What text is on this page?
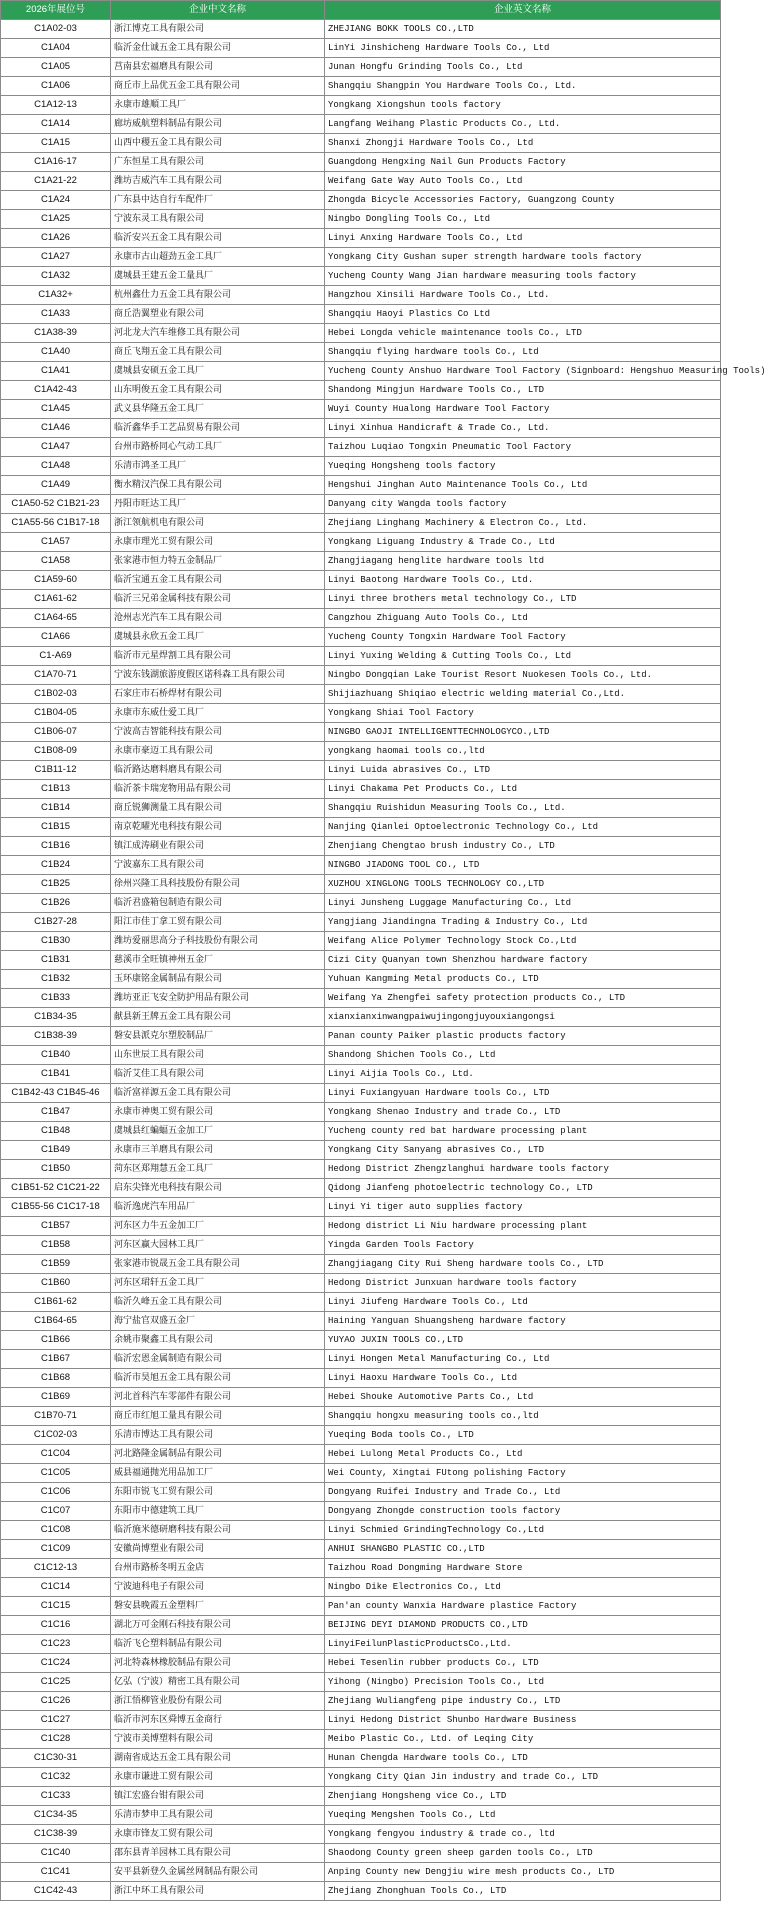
2026年展位号	企业中文名称	企业英文名称
C1A02-03	浙江博克工具有限公司	ZHEJIANG BOKK TOOLS CO.,LTD
C1A04	临沂金仕诚五金工具有限公司	LinYi Jinshicheng Hardware Tools Co., Ltd
C1A05	莒南县宏福磨具有限公司	Junan Hongfu Grinding Tools Co., Ltd
C1A06	商丘市上品优五金工具有限公司	Shangqiu Shangpin You Hardware Tools Co., Ltd.
C1A12-13	永康市雄順工具厂	Yongkang Xiongshun tools factory
C1A14	廊坊威航塑料制品有限公司	Langfang Weihang Plastic Products Co., Ltd.
C1A15	山西中稷五金工具有限公司	Shanxi Zhongji Hardware Tools Co., Ltd
C1A16-17	广东恒星工具有限公司	Guangdong Hengxing Nail Gun Products Factory
C1A21-22	潍坊吉威汽车工具有限公司	Weifang Gate Way Auto Tools Co., Ltd
C1A24	广东县中达自行车配件厂	Zhongda Bicycle Accessories Factory, Guangzong County
C1A25	宁波东灵工具有限公司	Ningbo Dongling Tools Co., Ltd
C1A26	临沂安兴五金工具有限公司	Linyi Anxing Hardware Tools Co., Ltd
C1A27	永康市古山超劲五金工具厂	Yongkang City Gushan super strength hardware tools factory
C1A32	虞城县王建五金工量具厂	Yucheng County Wang Jian hardware measuring tools factory
C1A32+	杭州鑫仕力五金工具有限公司	Hangzhou Xinsili Hardware Tools Co., Ltd.
C1A33	商丘浩翼塑业有限公司	Shangqiu Haoyi Plastics Co Ltd
C1A38-39	河北龙大汽车维修工具有限公司	Hebei Longda vehicle maintenance tools Co., LTD
C1A40	商丘飞翔五金工具有限公司	Shangqiu flying hardware tools Co., Ltd
C1A41	虞城县安硕五金工具厂	Yucheng County Anshuo Hardware Tool Factory (Signboard: Hengshuo Measuring Tools)
C1A42-43	山东明俊五金工具有限公司	Shandong Mingjun Hardware Tools Co., LTD
C1A45	武义县华隆五金工具厂	Wuyi County Hualong Hardware Tool Factory
C1A46	临沂鑫华手工艺品贸易有限公司	Linyi Xinhua Handicraft & Trade Co., Ltd.
C1A47	台州市路桥同心气动工具厂	Taizhou Luqiao Tongxin Pneumatic Tool Factory
C1A48	乐清市鸿圣工具厂	Yueqing Hongsheng tools factory
C1A49	衡水精汉汽保工具有限公司	Hengshui Jinghan Auto Maintenance Tools Co., Ltd
C1A50-52 C1B21-23	丹阳市旺达工具厂	Danyang city Wangda tools factory
C1A55-56 C1B17-18	浙江领航机电有限公司	Zhejiang Linghang Machinery & Electron Co., Ltd.
C1A57	永康市理光工贸有限公司	Yongkang Liguang Industry & Trade Co., Ltd
C1A58	张家港市恒力特五金制品厂	Zhangjiagang henglite hardware tools ltd
C1A59-60	临沂宝通五金工具有限公司	Linyi Baotong Hardware Tools Co., Ltd.
C1A61-62	临沂三兄弟金属科技有限公司	Linyi three brothers metal technology Co., LTD
C1A64-65	沧州志光汽车工具有限公司	Cangzhou Zhiguang Auto Tools Co., Ltd
C1A66	虞城县永欣五金工具厂	Yucheng County Tongxin Hardware Tool Factory
C1-A69	临沂市元星焊割工具有限公司	Linyi Yuxing Welding & Cutting Tools Co., Ltd
C1A70-71	宁波东钱湖旅游度假区诺科森工具有限公司	Ningbo Dongqian Lake Tourist Resort Nuokesen Tools Co., Ltd.
C1B02-03	石家庄市石桥焊材有限公司	Shijiazhuang Shiqiao electric welding material Co.,Ltd.
C1B04-05	永康市东威仕爱工具厂	Yongkang Shiai Tool Factory
C1B06-07	宁波高吉智能科技有限公司	NINGBO GAOJI INTELLIGENTTECHNOLOGYCO.,LTD
C1B08-09	永康市豪迈工具有限公司	yongkang haomai tools co.,ltd
C1B11-12	临沂路达磨料磨具有限公司	Linyi Luida abrasives Co., LTD
C1B13	临沂茶卡瑞宠物用品有限公司	Linyi Chakama Pet Products Co., Ltd
C1B14	商丘锐狮测量工具有限公司	Shangqiu Ruishidun Measuring Tools Co., Ltd.
C1B15	南京乾曜光电科技有限公司	Nanjing Qianlei Optoelectronic Technology Co., Ltd
C1B16	镇江成涛刷业有限公司	Zhenjiang Chengtao brush industry Co., LTD
C1B24	宁波嘉东工具有限公司	NINGBO JIADONG TOOL CO., LTD
C1B25	徐州兴隆工具科技股份有限公司	XUZHOU XINGLONG TOOLS TECHNOLOGY CO.,LTD
C1B26	临沂君盛箱包制造有限公司	Linyi Junsheng Luggage Manufacturing Co., Ltd
C1B27-28	阳江市佳丁拿工贸有限公司	Yangjiang Jiandingna Trading & Industry Co., Ltd
C1B30	潍坊爱丽思高分子科技股份有限公司	Weifang Alice Polymer Technology Stock Co.,Ltd
C1B31	慈溪市全旺镇神州五金厂	Cizi City Quanyan town Shenzhou hardware factory
C1B32	玉环康铭金属制品有限公司	Yuhuan Kangming Metal products Co., LTD
C1B33	潍坊亚正飞安全防护用品有限公司	Weifang Ya Zhengfei safety protection products Co., LTD
C1B34-35	献县新王牌五金工具有限公司	xianxianxinwangpaiwujingongjuyouxiangongsi
C1B38-39	磐安县派克尔塑胶制品厂	Panan county Paiker plastic products factory
C1B40	山东世辰工具有限公司	Shandong Shichen Tools Co., Ltd
C1B41	临沂艾佳工具有限公司	Linyi Aijia Tools Co., Ltd.
C1B42-43 C1B45-46	临沂富祥源五金工具有限公司	Linyi Fuxiangyuan Hardware tools Co., LTD
C1B47	永康市神奥工贸有限公司	Yongkang Shenao Industry and trade Co., LTD
C1B48	虞城县红蝙蝠五金加工厂	Yucheng county red bat hardware processing plant
C1B49	永康市三羊磨具有限公司	Yongkang City Sanyang abrasives Co., LTD
C1B50	菏东区郑翔慧五金工具厂	Hedong District Zhengzlanghui hardware tools factory
C1B51-52 C1C21-22	启东尖锋光电科技有限公司	Qidong Jianfeng photoelectric technology Co., LTD
C1B55-56 C1C17-18	临沂逸虎汽车用品厂	Linyi Yi tiger auto supplies factory
C1B57	河东区力牛五金加工厂	Hedong district Li Niu hardware processing plant
C1B58	河东区赢大园林工具厂	Yingda Garden Tools Factory
C1B59	张家港市锐晟五金工具有限公司	Zhangjiagang City Rui Sheng hardware tools Co., LTD
C1B60	河东区珺轩五金工具厂	Hedong District Junxuan hardware tools factory
C1B61-62	临沂久峰五金工具有限公司	Linyi Jiufeng Hardware Tools Co., Ltd
C1B64-65	海宁盐官双盛五金厂	Haining Yanguan Shuangsheng hardware factory
C1B66	余姚市聚鑫工具有限公司	YUYAO JUXIN TOOLS CO.,LTD
C1B67	临沂宏恩金属制造有限公司	Linyi Hongen Metal Manufacturing Co., Ltd
C1B68	临沂市昊旭五金工具有限公司	Linyi Haoxu Hardware Tools Co., Ltd
C1B69	河北首科汽车零部件有限公司	Hebei Shouke Automotive Parts Co., Ltd
C1B70-71	商丘市红旭工量具有限公司	Shangqiu hongxu measuring tools co.,ltd
C1C02-03	乐清市博达工具有限公司	Yueqing Boda tools Co., LTD
C1C04	河北路隆金属制品有限公司	Hebei Lulong Metal Products Co., Ltd
C1C05	威县福通抛光用品加工厂	Wei County, Xingtai FUtong polishing Factory
C1C06	东阳市锐飞工贸有限公司	Dongyang Ruifei Industry and Trade Co., Ltd
C1C07	东阳市中德建筑工具厂	Dongyang Zhongde construction tools factory
C1C08	临沂施米德研磨科技有限公司	Linyi Schmied GrindingTechnology Co.,Ltd
C1C09	安徽尚博塑业有限公司	ANHUI SHANGBO PLASTIC CO.,LTD
C1C12-13	台州市路桥冬明五金店	Taizhou Road Dongming Hardware Store
C1C14	宁波迪科电子有限公司	Ningbo Dike Electronics Co., Ltd
C1C15	磐安县晚霞五金塑料厂	Pan'an county Wanxia Hardware plastice Factory
C1C16	湖北万可金刚石科技有限公司	BEIJING DEYI DIAMOND PRODUCTS CO.,LTD
C1C23	临沂飞仑塑料制品有限公司	LinyiFeilunPlasticProductsCo.,Ltd.
C1C24	河北特森林橡胶制品有限公司	Hebei Tesenlin rubber products Co., LTD
C1C25	亿弘（宁波）精密工具有限公司	Yihong (Ningbo) Precision Tools Co., Ltd
C1C26	浙江悟柳管业股份有限公司	Zhejiang Wuliangfeng pipe industry Co., LTD
C1C27	临沂市河东区舜博五金商行	Linyi Hedong District Shunbo Hardware Business
C1C28	宁波市美博塑料有限公司	Meibo Plastic Co., Ltd. of Leqing City
C1C30-31	湖南省成达五金工具有限公司	Hunan Chengda Hardware tools Co., LTD
C1C32	永康市谦进工贸有限公司	Yongkang City Qian Jin industry and trade Co., LTD
C1C33	镇江宏盛台钳有限公司	Zhenjiang Hongsheng vice Co., LTD
C1C34-35	乐清市梦申工具有限公司	Yueqing Mengshen Tools Co., Ltd
C1C38-39	永康市锋友工贸有限公司	Yongkang fengyou industry & trade co., ltd
C1C40	邵东县青羊园林工具有限公司	Shaodong County green sheep garden tools Co., LTD
C1C41	安平县新登久金属丝网制品有限公司	Anping County new Dengjiu wire mesh products Co., LTD
C1C42-43	浙江中环工具有限公司	Zhejiang Zhonghuan Tools Co., LTD
